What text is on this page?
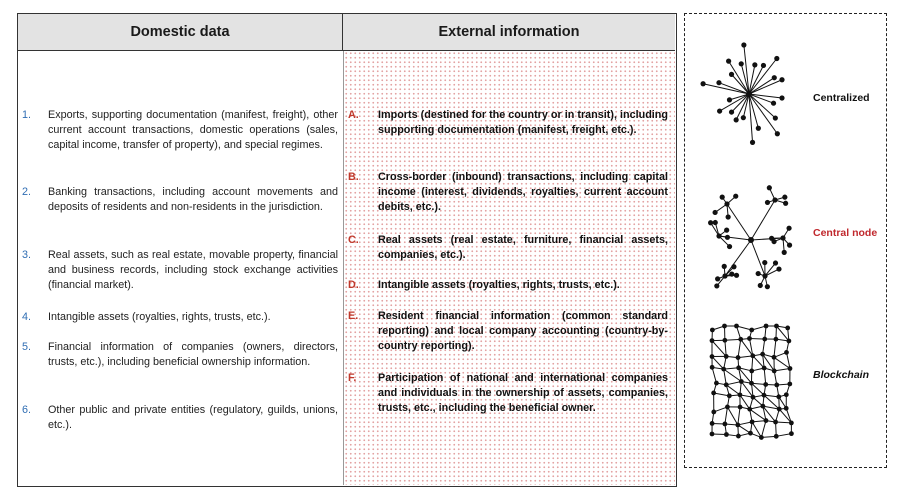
Domestic data	External information
1.	Exports, supporting documentation (manifest, freight), other current account transactions, domestic operations (sales, capital income, transfer of property), and special regimes.
2.	Banking transactions, including account movements and deposits of residents and non-residents in the jurisdiction.
3.	Real assets, such as real estate, movable property, financial and business records, including stock exchange activities (financial market).
4.	Intangible assets (royalties, rights, trusts, etc.).
5.	Financial information of companies (owners, directors, trusts, etc.), including beneficial ownership information.
6.	Other public and private entities (regulatory, guilds, unions, etc.).
A.	Imports (destined for the country or in transit), including supporting documentation (manifest, freight, etc.).
B.	Cross-border (inbound) transactions, including capital income (interest, dividends, royalties, current account debits, etc.).
C.	Real assets (real estate, furniture, financial assets, companies, etc.).
D.	Intangible assets (royalties, rights, trusts, etc.).
E.	Resident financial information (common standard reporting) and local company accounting (country-by-country reporting).
F.	Participation of national and international companies and individuals in the ownership of assets, companies, trusts, etc., including the beneficial owner.
Centralized
Central node
Blockchain
